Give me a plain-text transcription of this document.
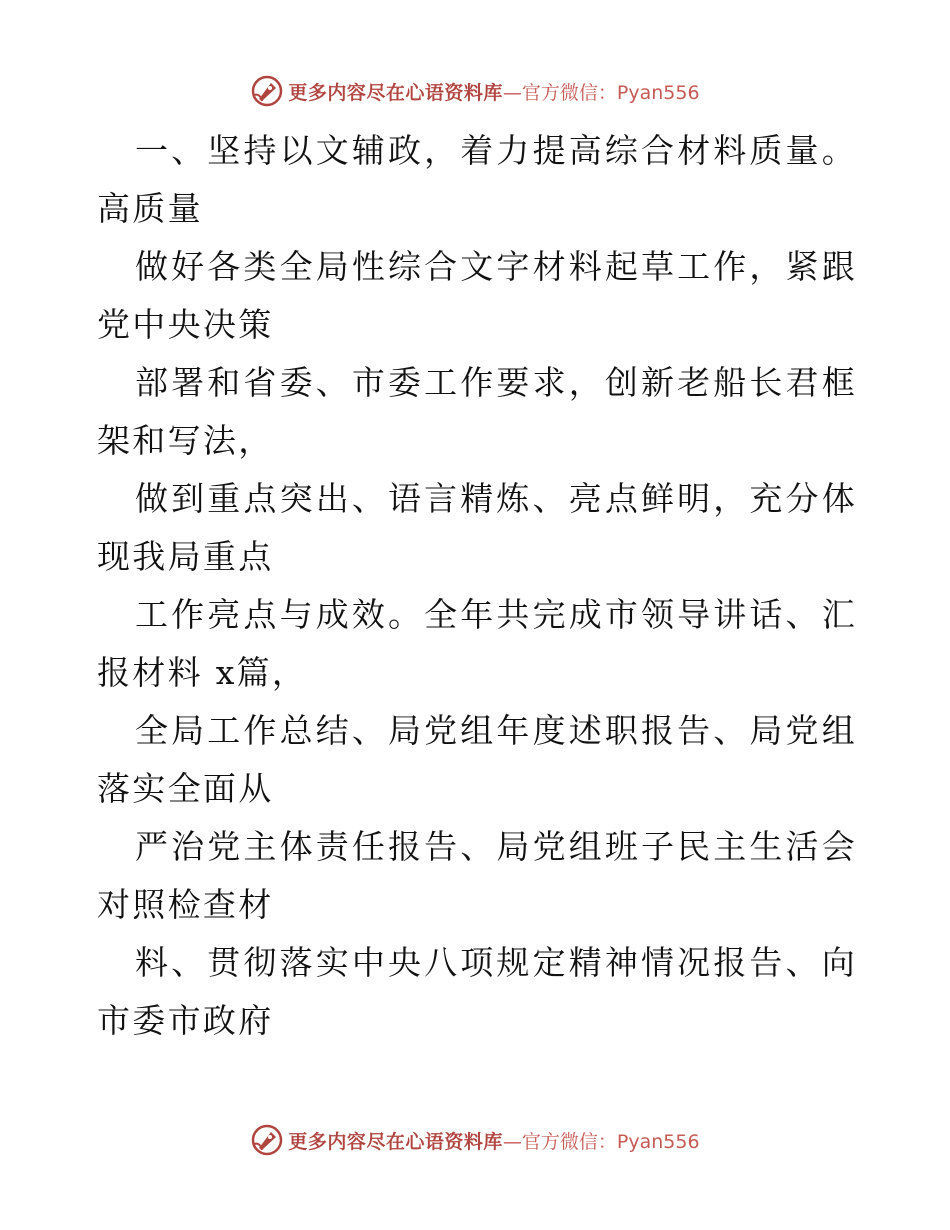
更多内容尽在心语资料库 —官方微信：Pyan556

一、坚持以文辅政，着力提高综合材料质量。高质量

做好各类全局性综合文字材料起草工作，紧跟党中央决策

部署和省委、市委工作要求，创新老船长君框架和写法，

做到重点突出、语言精炼、亮点鲜明，充分体现我局重点

工作亮点与成效。全年共完成市领导讲话、汇报材料 x篇，

全局工作总结、局党组年度述职报告、局党组落实全面从

严治党主体责任报告、局党组班子民主生活会对照检查材

料、贯彻落实中央八项规定精神情况报告、向市委市政府

更多内容尽在心语资料库 —官方微信：Pyan556
